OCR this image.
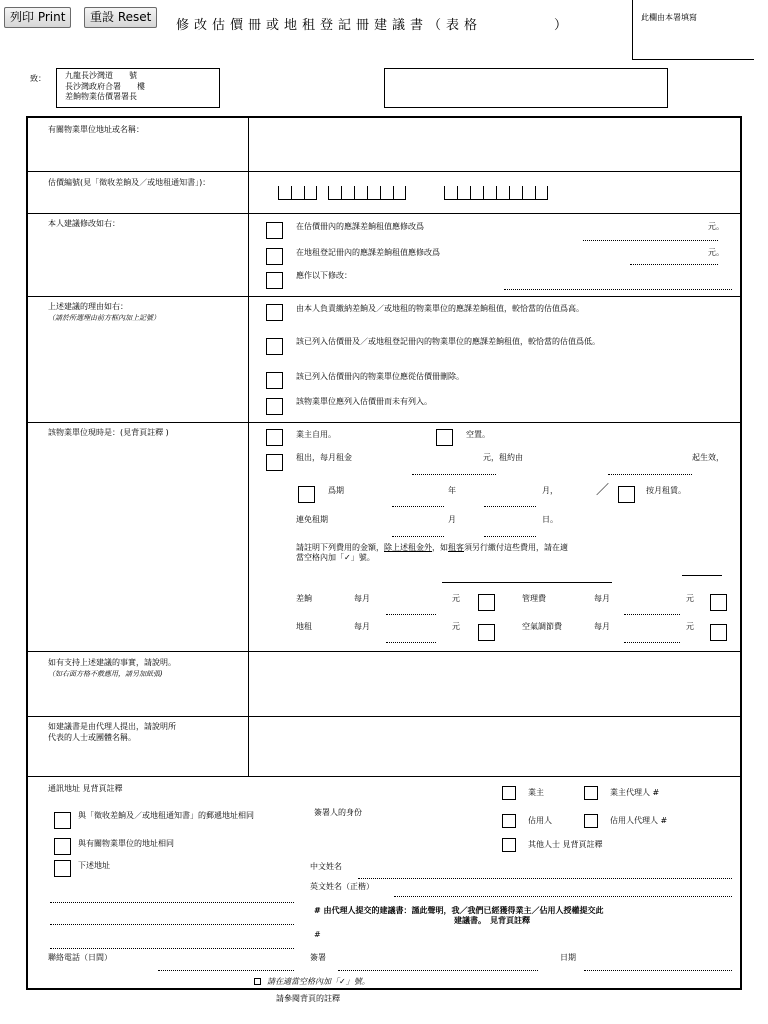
列印 Print	重設 Reset
修改估價冊或地租登記冊建議書（表格　　　　）
此欄由本署填寫
致： 九龍長沙灣道　　號
長沙灣政府合署　　樓
差餉物業估價署署長
有關物業單位地址或名稱：
估價編號(見「徵收差餉及／或地租通知書」)：
本人建議修改如右：	在估價冊內的應課差餉租值應修改爲	元。
在地租登記冊內的應課差餉租值應修改爲	元。
應作以下修改：
上述建議的理由如右：
（請於所選理由前方框內加上記號）
由本人負責繳納差餉及／或地租的物業單位的應課差餉租值，較恰當的估值爲高。
該已列入估價冊及／或地租登記冊內的物業單位的應課差餉租值，較恰當的估值爲低。
該已列入估價冊內的物業單位應從估價冊刪除。
該物業單位應列入估價冊而未有列入。
該物業單位現時是：(見背頁註釋 )	業主自用。	空置。
租出，每月租金	元，租約由	起生效，
爲期	年	月，	／	按月租賃。
連免租期	月	日。
請註明下列費用的金額，除上述租金外，如租客須另行繳付這些費用，請在適
當空格內加「✓」號。
差餉	每月	元	管理費	每月	元
地租	每月	元	空氣調節費	每月	元
如有支持上述建議的事實，請說明。
（如右面方格不敷應用，請另加紙張)
如建議書是由代理人提出，請說明所
代表的人士或團體名稱。
通訊地址 見背頁註釋
與「徵收差餉及／或地租通知書」的郵遞地址相同
與有關物業單位的地址相同
下述地址
聯絡電話（日間）
簽署人的身份
業主	業主代理人 #
佔用人	佔用人代理人 #
其他人士 見背頁註釋
中文姓名
英文姓名（正楷）
# 由代理人提交的建議書：謹此聲明，我／我們已經獲得業主／佔用人授權提交此
建議書。　見背頁註釋
#
簽署	日期
請在適當空格內加「✓」號。
請參閱背頁的註釋
